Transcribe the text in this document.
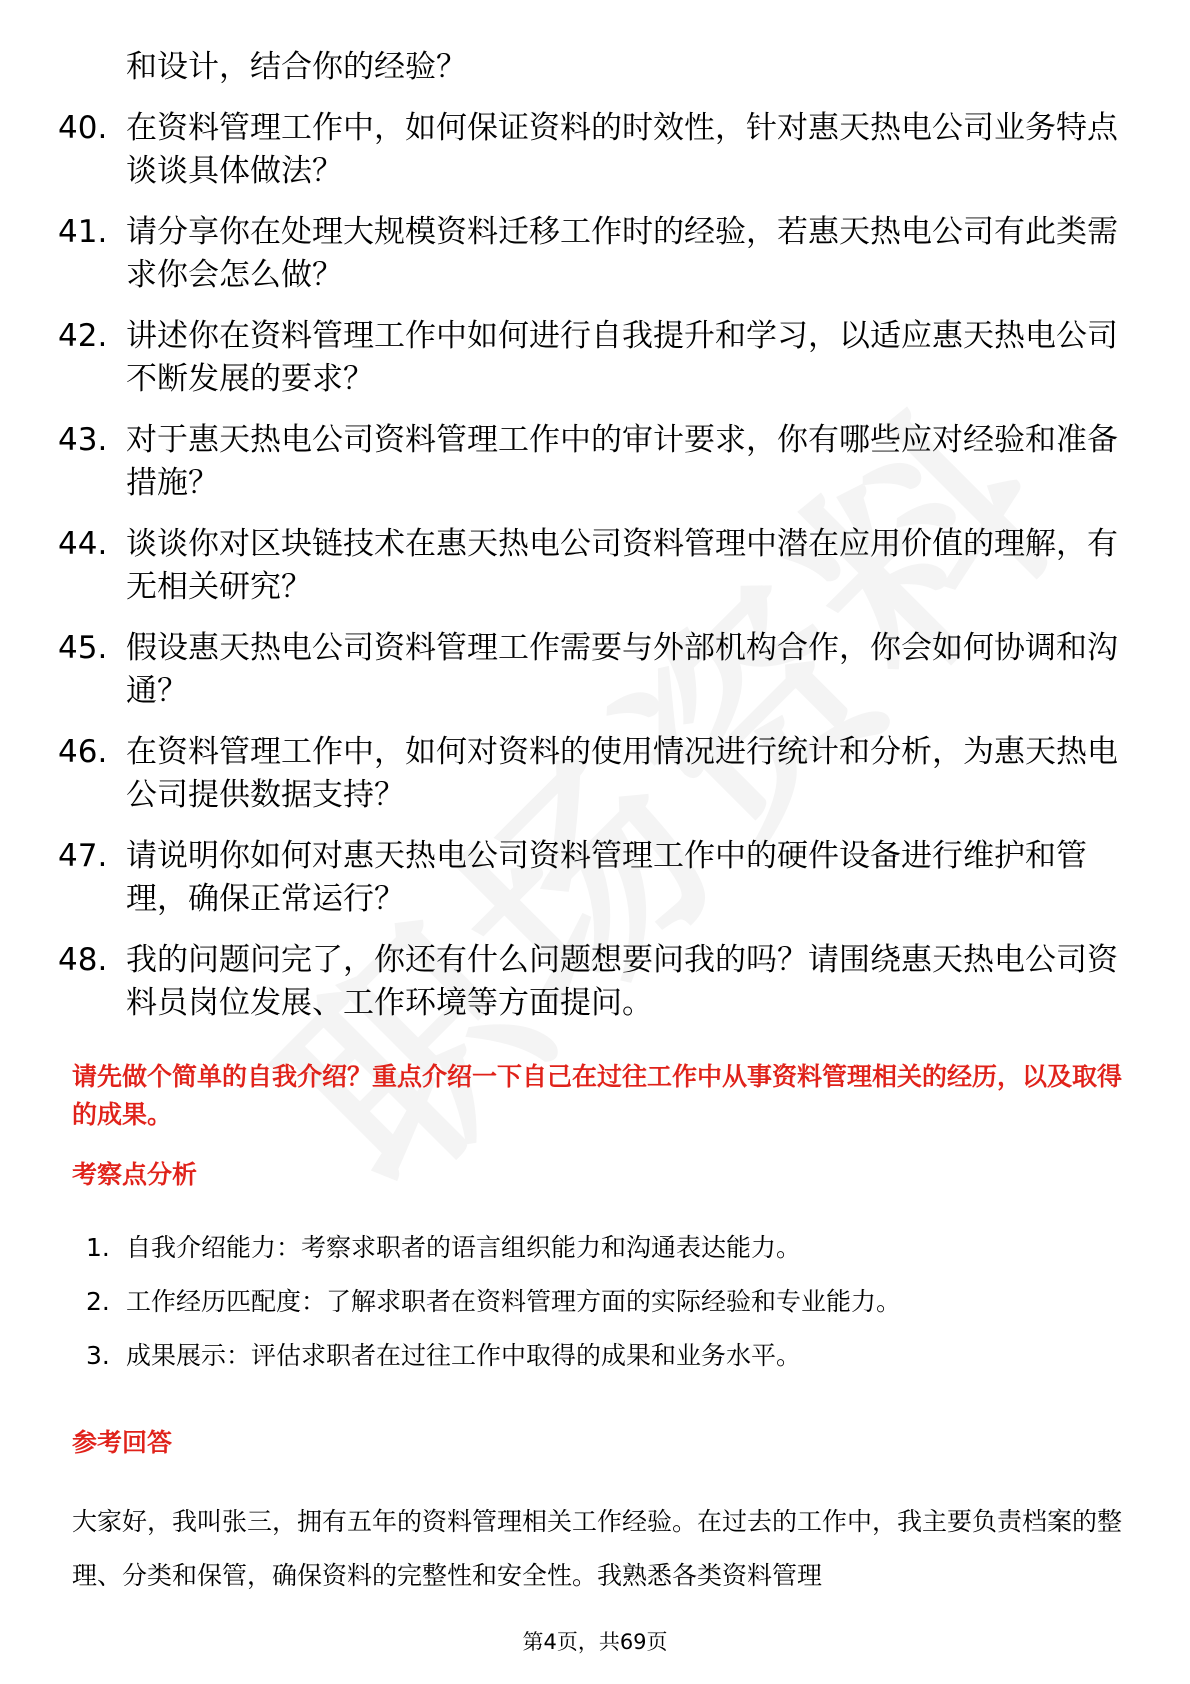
和设计，结合你的经验？
40. 在资料管理工作中，如何保证资料的时效性，针对惠天热电公司业务特点谈谈具体做法？
41. 请分享你在处理大规模资料迁移工作时的经验，若惠天热电公司有此类需求你会怎么做？
42. 讲述你在资料管理工作中如何进行自我提升和学习，以适应惠天热电公司不断发展的要求？
43. 对于惠天热电公司资料管理工作中的审计要求，你有哪些应对经验和准备措施？
44. 谈谈你对区块链技术在惠天热电公司资料管理中潜在应用价值的理解，有无相关研究？
45. 假设惠天热电公司资料管理工作需要与外部机构合作，你会如何协调和沟通？
46. 在资料管理工作中，如何对资料的使用情况进行统计和分析，为惠天热电公司提供数据支持？
47. 请说明你如何对惠天热电公司资料管理工作中的硬件设备进行维护和管理，确保正常运行？
48. 我的问题问完了，你还有什么问题想要问我的吗？请围绕惠天热电公司资料员岗位发展、工作环境等方面提问。
请先做个简单的自我介绍？重点介绍一下自己在过往工作中从事资料管理相关的经历，以及取得的成果。
考察点分析
1. 自我介绍能力：考察求职者的语言组织能力和沟通表达能力。
2. 工作经历匹配度：了解求职者在资料管理方面的实际经验和专业能力。
3. 成果展示：评估求职者在过往工作中取得的成果和业务水平。
参考回答
大家好，我叫张三，拥有五年的资料管理相关工作经验。在过去的工作中，我主要负责档案的整理、分类和保管，确保资料的完整性和安全性。我熟悉各类资料管理
第4页，共69页
